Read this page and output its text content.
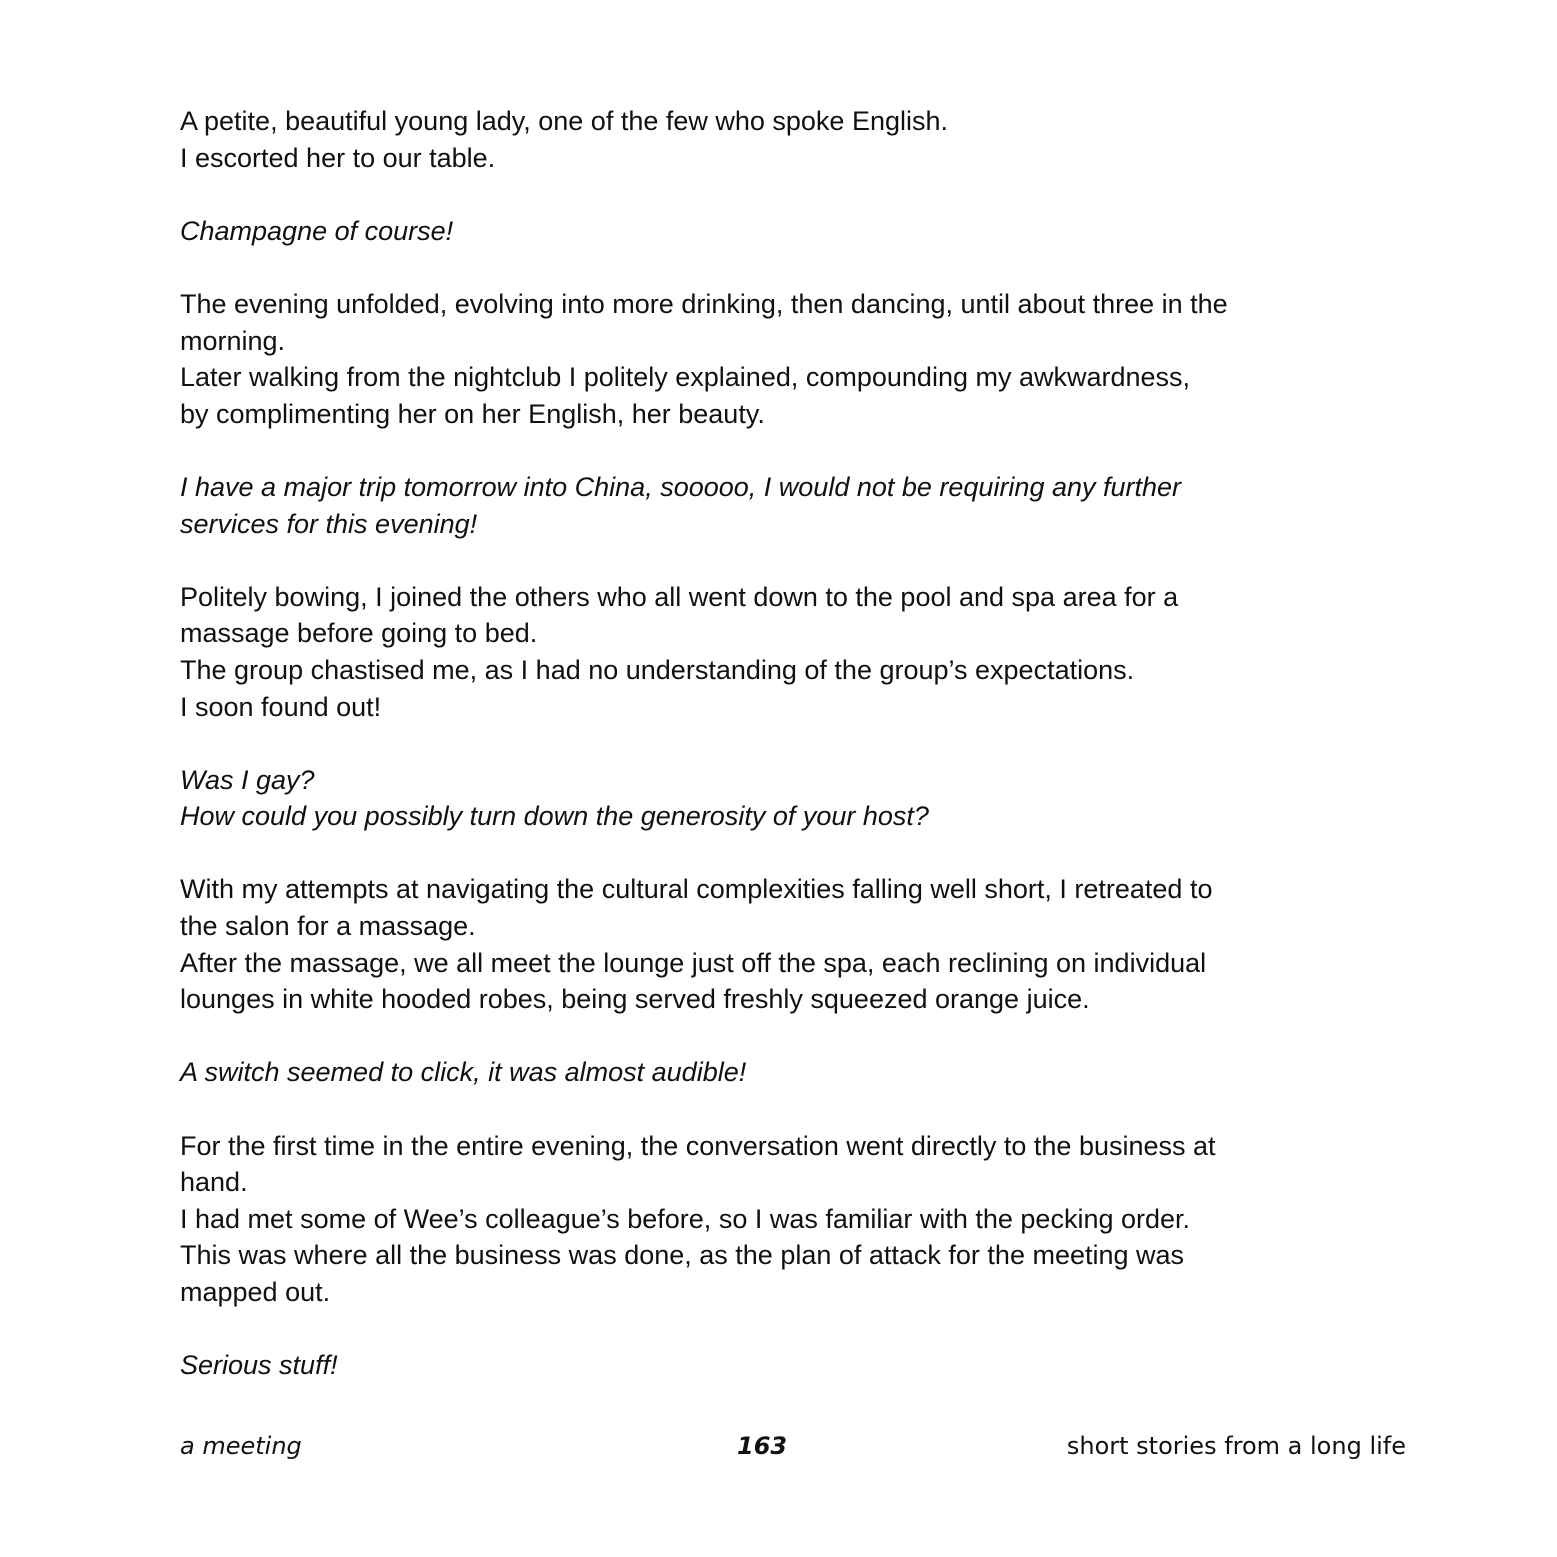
A petite, beautiful young lady, one of the few who spoke English.
I escorted her to our table.

Champagne of course!

The evening unfolded, evolving into more drinking, then dancing, until about three in the
morning.
Later walking from the nightclub I politely explained, compounding my awkwardness,
by complimenting her on her English, her beauty.

I have a major trip tomorrow into China, sooooo, I would not be requiring any further
services for this evening!

Politely bowing, I joined the others who all went down to the pool and spa area for a
massage before going to bed.
The group chastised me, as I had no understanding of the group’s expectations.
I soon found out!

Was I gay?
How could you possibly turn down the generosity of your host?

With my attempts at navigating the cultural complexities falling well short, I retreated to
the salon for a massage.
After the massage, we all meet the lounge just off the spa, each reclining on individual
lounges in white hooded robes, being served freshly squeezed orange juice.

A switch seemed to click, it was almost audible!

For the first time in the entire evening, the conversation went directly to the business at
hand.
I had met some of Wee’s colleague’s before, so I was familiar with the pecking order.
This was where all the business was done, as the plan of attack for the meeting was
mapped out.

Serious stuff!

a meeting	163	short stories from a long life
